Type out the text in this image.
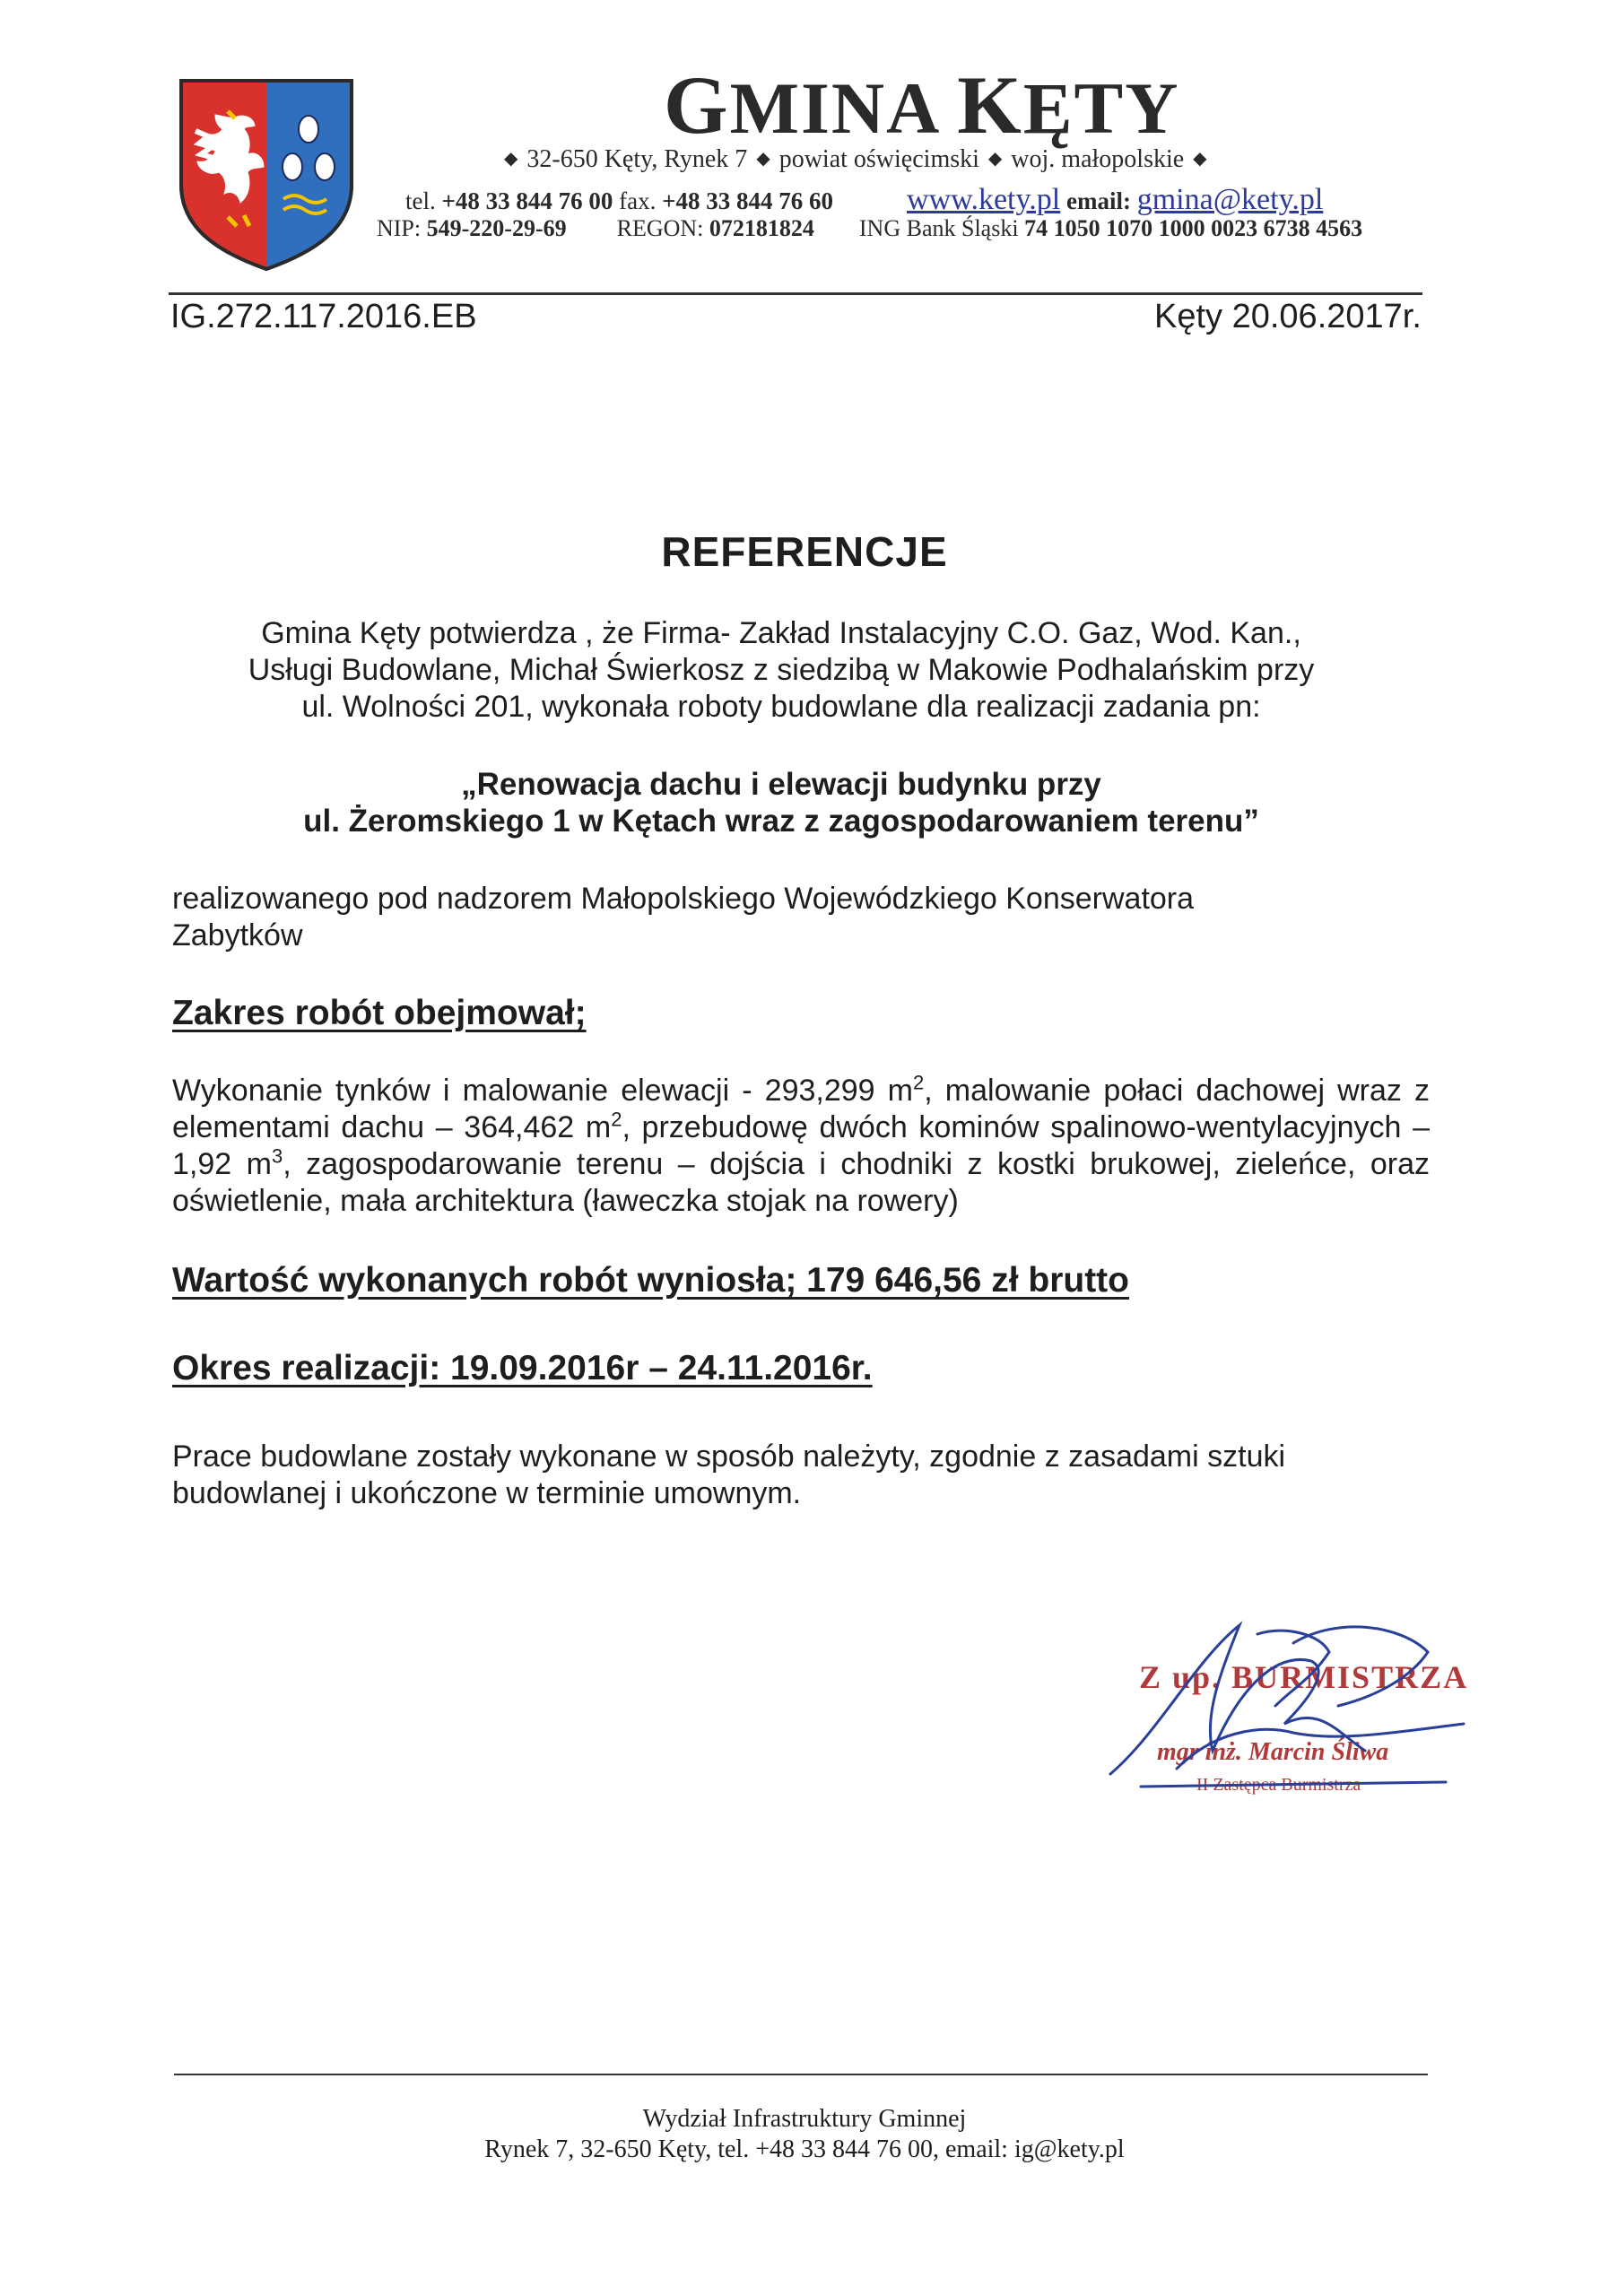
GMINA KĘTY
◆ 32-650 Kęty, Rynek 7 ◆ powiat oświęcimski ◆ woj. małopolskie ◆
tel. +48 33 844 76 00 fax. +48 33 844 76 60 www.kety.pl email: gmina@kety.pl
NIP: 549-220-29-69 REGON: 072181824 ING Bank Śląski 74 1050 1070 1000 0023 6738 4563
IG.272.117.2016.EB	Kęty 20.06.2017r.
REFERENCJE
Gmina Kęty potwierdza , że Firma- Zakład Instalacyjny C.O. Gaz, Wod. Kan.,
Usługi Budowlane, Michał Świerkosz z siedzibą w Makowie Podhalańskim przy
ul. Wolności 201, wykonała roboty budowlane dla realizacji zadania pn:
„Renowacja dachu i elewacji budynku przy
ul. Żeromskiego 1 w Kętach wraz z zagospodarowaniem terenu”
realizowanego pod nadzorem Małopolskiego Wojewódzkiego Konserwatora
Zabytków
Zakres robót obejmował;
Wykonanie tynków i malowanie elewacji - 293,299 $m^2$, malowanie połaci dachowej wraz z elementami dachu – 364,462 $m^2$, przebudowę dwóch kominów spalinowo-wentylacyjnych – 1,92 $m^3$, zagospodarowanie terenu – dojścia i chodniki z kostki brukowej, zieleńce, oraz oświetlenie, mała architektura (ławeczka stojak na rowery)
Wartość wykonanych robót wyniosła; 179 646,56 zł brutto
Okres realizacji: 19.09.2016r – 24.11.2016r.
Prace budowlane zostały wykonane w sposób należyty, zgodnie z zasadami sztuki
budowlanej i ukończone w terminie umownym.
Z up. BURMISTRZA
mgr inż. Marcin Śliwa
II Zastępca Burmistrza
Wydział Infrastruktury Gminnej
Rynek 7, 32-650 Kęty, tel. +48 33 844 76 00, email: ig@kety.pl
